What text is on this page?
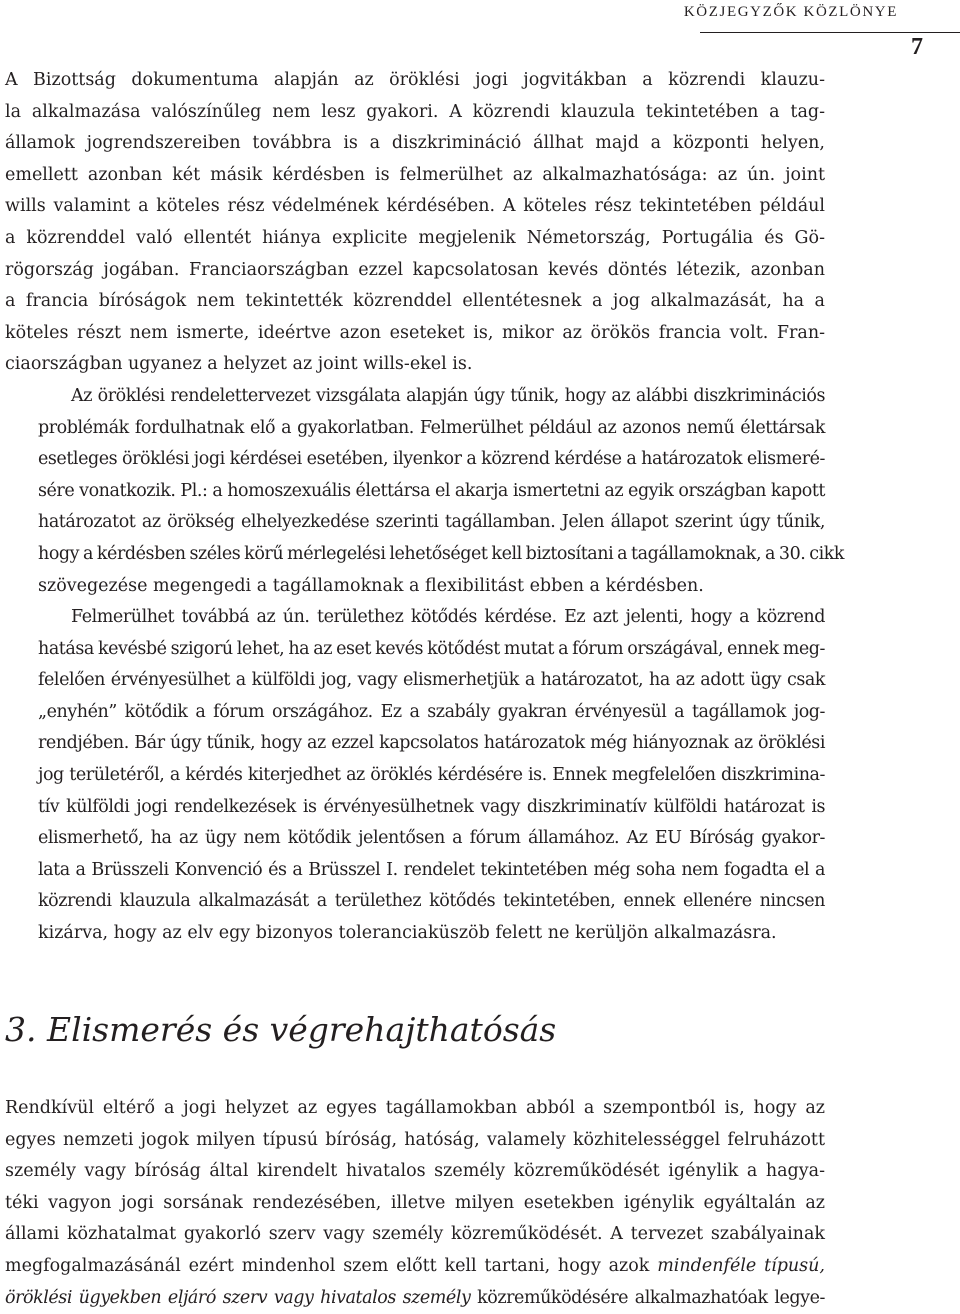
KÖZJEGYZŐK KÖZLÖNYE
7

A Bizottság dokumentuma alapján az öröklési jogi jogvitákban a közrendi klauzu-
la alkalmazása valószínűleg nem lesz gyakori. A közrendi klauzula tekintetében a tag-
államok jogrendszereiben továbbra is a diszkrimináció állhat majd a központi helyen,
emellett azonban két másik kérdésben is felmerülhet az alkalmazhatósága: az ún. joint
wills valamint a köteles rész védelmének kérdésében. A köteles rész tekintetében például
a közrenddel való ellentét hiánya explicite megjelenik Németország, Portugália és Gö-
rögország jogában. Franciaországban ezzel kapcsolatosan kevés döntés létezik, azonban
a francia bíróságok nem tekintették közrenddel ellentétesnek a jog alkalmazását, ha a
köteles részt nem ismerte, ideértve azon eseteket is, mikor az örökös francia volt. Fran-
ciaországban ugyanez a helyzet az joint wills-ekel is.

Az öröklési rendelettervezet vizsgálata alapján úgy tűnik, hogy az alábbi diszkriminációs
problémák fordulhatnak elő a gyakorlatban. Felmerülhet például az azonos nemű élettársak
esetleges öröklési jogi kérdései esetében, ilyenkor a közrend kérdése a határozatok elismeré-
sére vonatkozik. Pl.: a homoszexuális élettársa el akarja ismertetni az egyik országban kapott
határozatot az örökség elhelyezkedése szerinti tagállamban. Jelen állapot szerint úgy tűnik,
hogy a kérdésben széles körű mérlegelési lehetőséget kell biztosítani a tagállamoknak, a 30. cikk
szövegezése megengedi a tagállamoknak a flexibilitást ebben a kérdésben.

Felmerülhet továbbá az ún. területhez kötődés kérdése. Ez azt jelenti, hogy a közrend
hatása kevésbé szigorú lehet, ha az eset kevés kötődést mutat a fórum országával, ennek meg-
felelően érvényesülhet a külföldi jog, vagy elismerhetjük a határozatot, ha az adott ügy csak
„enyhén” kötődik a fórum országához. Ez a szabály gyakran érvényesül a tagállamok jog-
rendjében. Bár úgy tűnik, hogy az ezzel kapcsolatos határozatok még hiányoznak az öröklési
jog területéről, a kérdés kiterjedhet az öröklés kérdésére is. Ennek megfelelően diszkrimina-
tív külföldi jogi rendelkezések is érvényesülhetnek vagy diszkriminatív külföldi határozat is
elismerhető, ha az ügy nem kötődik jelentősen a fórum államához. Az EU Bíróság gyakor-
lata a Brüsszeli Konvenció és a Brüsszel I. rendelet tekintetében még soha nem fogadta el a
közrendi klauzula alkalmazását a területhez kötődés tekintetében, ennek ellenére nincsen
kizárva, hogy az elv egy bizonyos toleranciaküszöb felett ne kerüljön alkalmazásra.

3. Elismerés és végrehajthatósás

Rendkívül eltérő a jogi helyzet az egyes tagállamokban abból a szempontból is, hogy az
egyes nemzeti jogok milyen típusú bíróság, hatóság, valamely közhitelességgel felruházott
személy vagy bíróság által kirendelt hivatalos személy közreműködését igénylik a hagya-
téki vagyon jogi sorsának rendezésében, illetve milyen esetekben igénylik egyáltalán az
állami közhatalmat gyakorló szerv vagy személy közreműködését. A tervezet szabályainak
megfogalmazásánál ezért mindenhol szem előtt kell tartani, hogy azok mindenféle típusú,
öröklési ügyekben eljáró szerv vagy hivatalos személy közreműködésére alkalmazhatóak legye-
